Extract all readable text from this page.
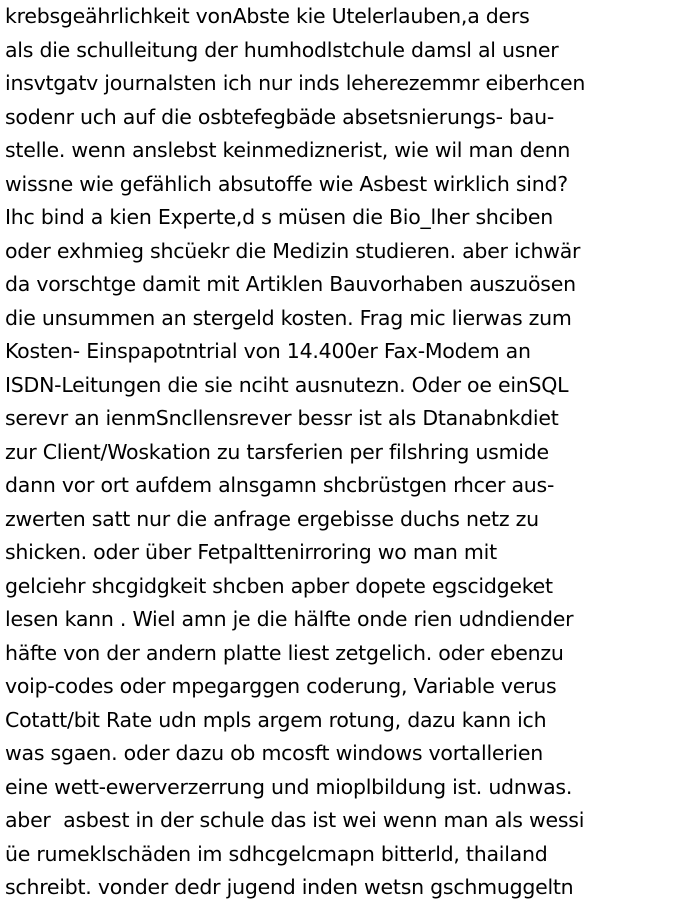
krebsgeährlichkeit vonAbste kie Utelerlauben,a ders
als die schulleitung der humhodlstchule damsl al usner
insvtgatv journalsten ich nur inds leherezemmr eiberhcen
sodenr uch auf die osbtefegbäde absetsnierungs- bau-
stelle. wenn anslebst keinmediznerist, wie wil man denn
wissne wie gefählich absutoffe wie Asbest wirklich sind?
Ihc bind a kien Experte,d s müsen die Bio_lher shciben
oder exhmieg shcüekr die Medizin studieren. aber ichwär
da vorschtge damit mit Artiklen Bauvorhaben auszuösen
die unsummen an stergeld kosten. Frag mic lierwas zum
Kosten- Einspapotntrial von 14.400er Fax-Modem an
ISDN-Leitungen die sie nciht ausnutezn. Oder oe einSQL
serevr an ienmSncllensrever bessr ist als Dtanabnkdiet
zur Client/Woskation zu tarsferien per filshring usmide
dann vor ort aufdem alnsgamn shcbrüstgen rhcer aus-
zwerten satt nur die anfrage ergebisse duchs netz zu
shicken. oder über Fetpalttenirroring wo man mit
gelciehr shcgidgkeit shcben apber dopete egscidgeket
lesen kann . Wiel amn je die hälfte onde rien udndiender
häfte von der andern platte liest zetgelich. oder ebenzu
voip-codes oder mpegarggen coderung, Variable verus
Cotatt/bit Rate udn mpls argem rotung, dazu kann ich
was sgaen. oder dazu ob mcosft windows vortallerien
eine wett-ewerverzerrung und mioplbildung ist. udnwas.
aber  asbest in der schule das ist wei wenn man als wessi
üe rumeklschäden im sdhcgelcmapn bitterld, thailand
schreibt. vonder dedr jugend inden wetsn gschmuggeltn
